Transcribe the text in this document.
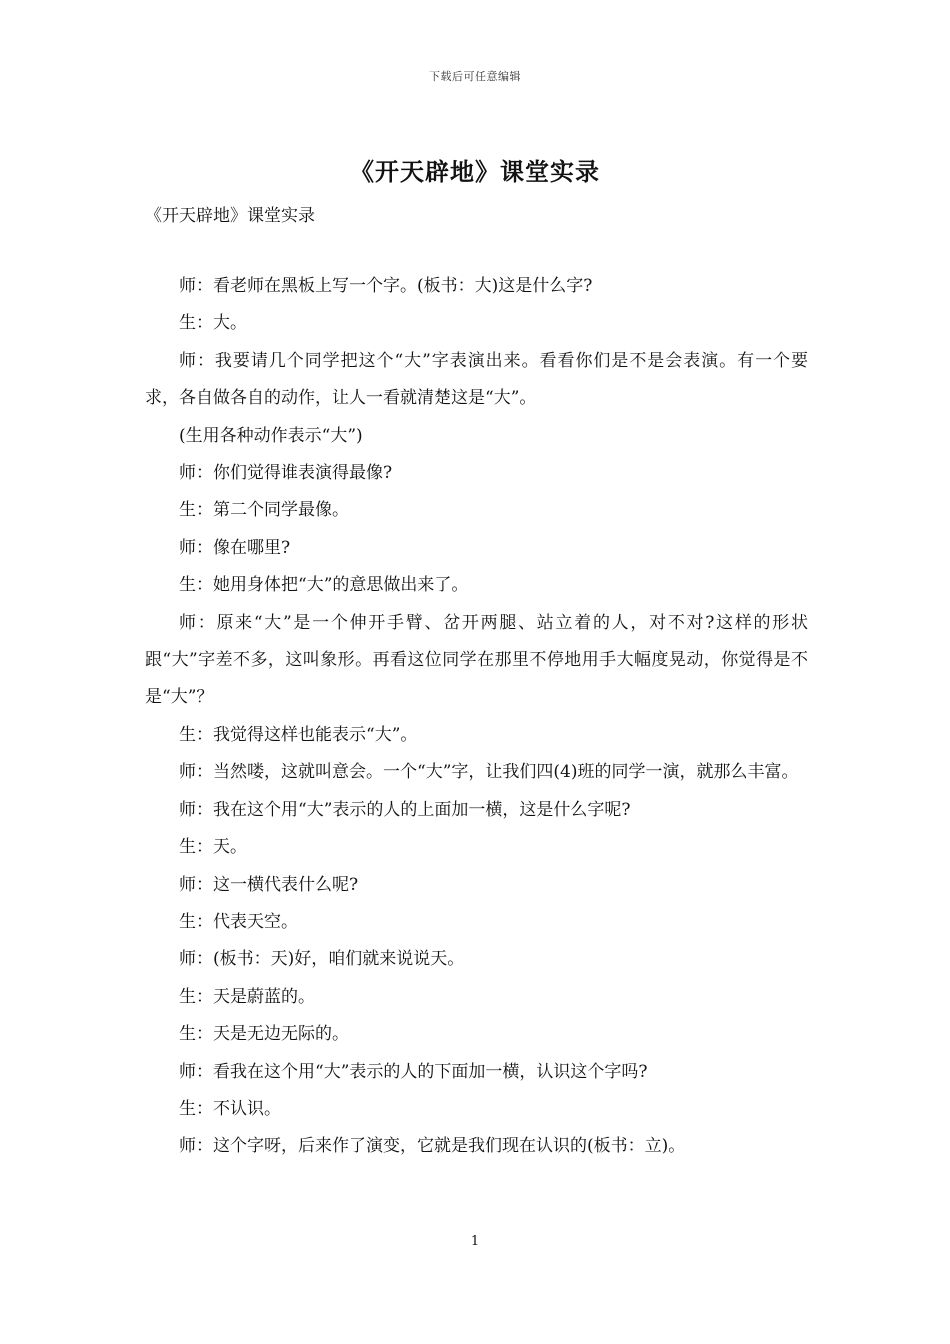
下载后可任意编辑
《开天辟地》课堂实录
《开天辟地》课堂实录

师：看老师在黑板上写一个字。(板书：大)这是什么字?

生：大。

师：我要请几个同学把这个“大”字表演出来。看看你们是不是会表演。有一个要求，各自做各自的动作，让人一看就清楚这是“大”。

(生用各种动作表示“大”)

师：你们觉得谁表演得最像?

生：第二个同学最像。

师：像在哪里?

生：她用身体把“大”的意思做出来了。

师：原来“大”是一个伸开手臂、岔开两腿、站立着的人，对不对?这样的形状跟“大”字差不多，这叫象形。再看这位同学在那里不停地用手大幅度晃动，你觉得是不是“大”？

生：我觉得这样也能表示“大”。

师：当然喽，这就叫意会。一个“大”字，让我们四(4)班的同学一演，就那么丰富。

师：我在这个用“大”表示的人的上面加一横，这是什么字呢?

生：天。

师：这一横代表什么呢?

生：代表天空。

师：(板书：天)好，咱们就来说说天。

生：天是蔚蓝的。

生：天是无边无际的。

师：看我在这个用“大”表示的人的下面加一横，认识这个字吗?

生：不认识。

师：这个字呀，后来作了演变，它就是我们现在认识的(板书：立)。

1
